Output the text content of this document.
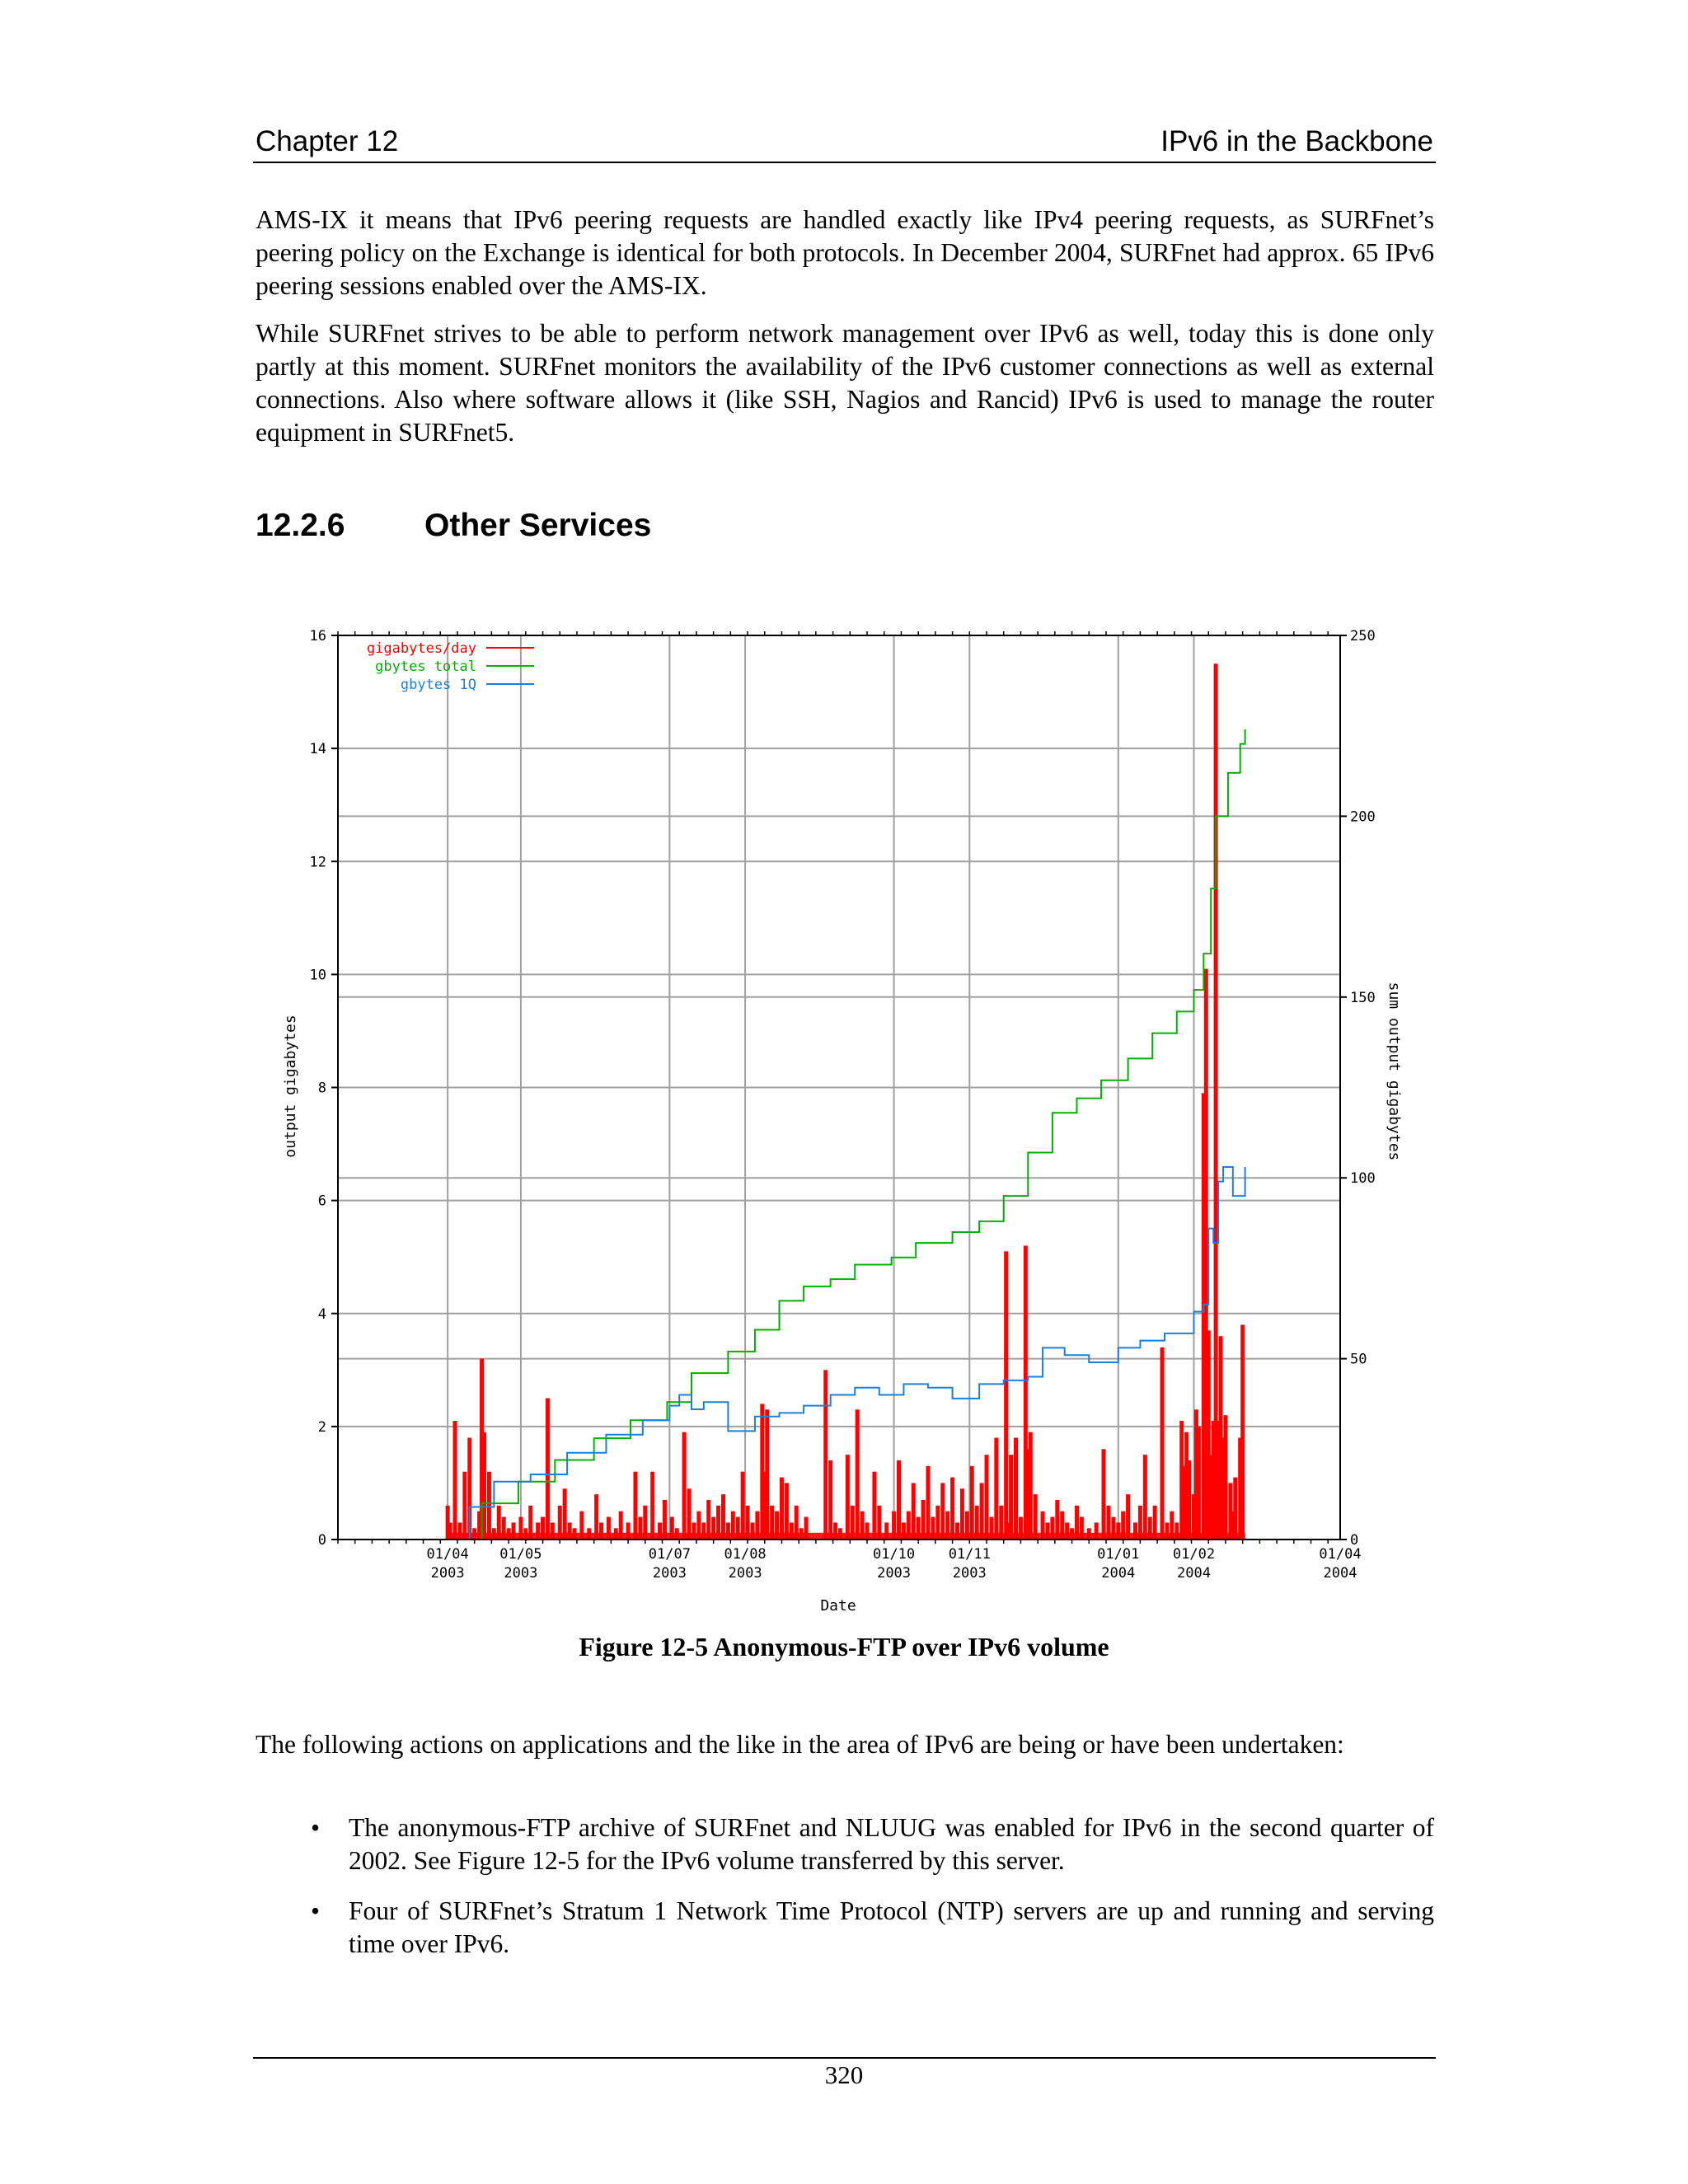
Chapter 12	IPv6 in the Backbone

AMS-IX it means that IPv6 peering requests are handled exactly like IPv4 peering requests, as SURFnet’s peering policy on the Exchange is identical for both protocols. In December 2004, SURFnet had approx. 65 IPv6 peering sessions enabled over the AMS-IX.

While SURFnet strives to be able to perform network management over IPv6 as well, today this is done only partly at this moment. SURFnet monitors the availability of the IPv6 customer connections as well as external connections. Also where software allows it (like SSH, Nagios and Rancid) IPv6 is used to manage the router equipment in SURFnet5.

12.2.6 Other Services
0
2
4
6
8
10
12
14
16
0
50
100
150
200
250
01/04
2003
01/05
2003
01/07
2003
01/08
2003
01/10
2003
01/11
2003
01/01
2004
01/02
2004
01/04
2004
gigabytes/day
gbytes total
gbytes 1Q
Date
output gigabytes	sum output gigabytes
Figure 12-5 Anonymous-FTP over IPv6 volume

The following actions on applications and the like in the area of IPv6 are being or have been undertaken:

• The anonymous-FTP archive of SURFnet and NLUUG was enabled for IPv6 in the second quarter of 2002. See Figure 12-5 for the IPv6 volume transferred by this server.
• Four of SURFnet’s Stratum 1 Network Time Protocol (NTP) servers are up and running and serving time over IPv6.
320
